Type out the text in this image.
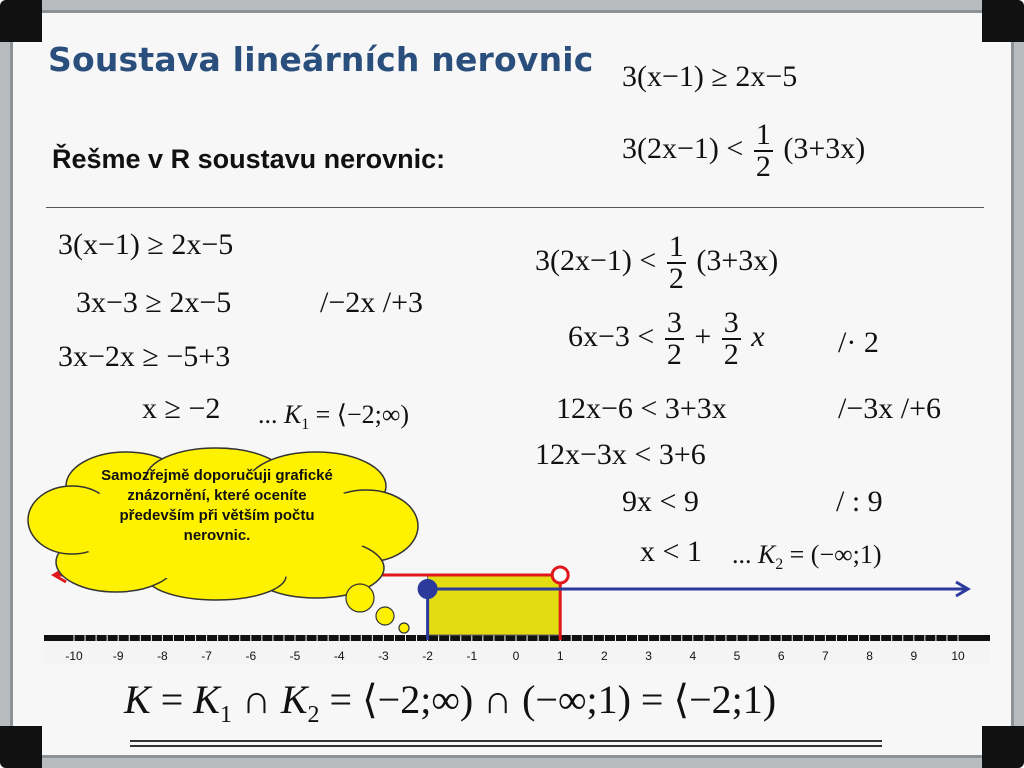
Soustava lineárních nerovnic
Řešme v R soustavu nerovnic:
3(x−1) ≥ 2x−5
$3(2x-1) < \frac{1}{2} (3+3x)$
3(x−1) ≥ 2x−5
3x−3 ≥ 2x−5	/−2x /+3
3x−2x ≥ −5+3
x ≥ −2 ... $K_1$ = ⟨−2;∞)
$3(2x-1) < \frac{1}{2} (3+3x)$
$6x-3 < \frac{3}{2} + \frac{3}{2}$ x /· 2
12x−6 < 3+3x	/−3x /+6
12x−3x < 3+6
9x < 9	/ : 9
x < 1 ... $K_2$ = (−∞;1)
-10	-9	-8	-7	-6	-5	-4	-3	-2	-1	0	1	2	3	4	5	6	7	8	9	10
Samozřejmě doporučuji grafické znázornění, které oceníte především při větším počtu nerovnic.
$K = K_1$ ∩ $K_2$ = ⟨−2;∞) ∩ (−∞;1) = ⟨−2;1)
